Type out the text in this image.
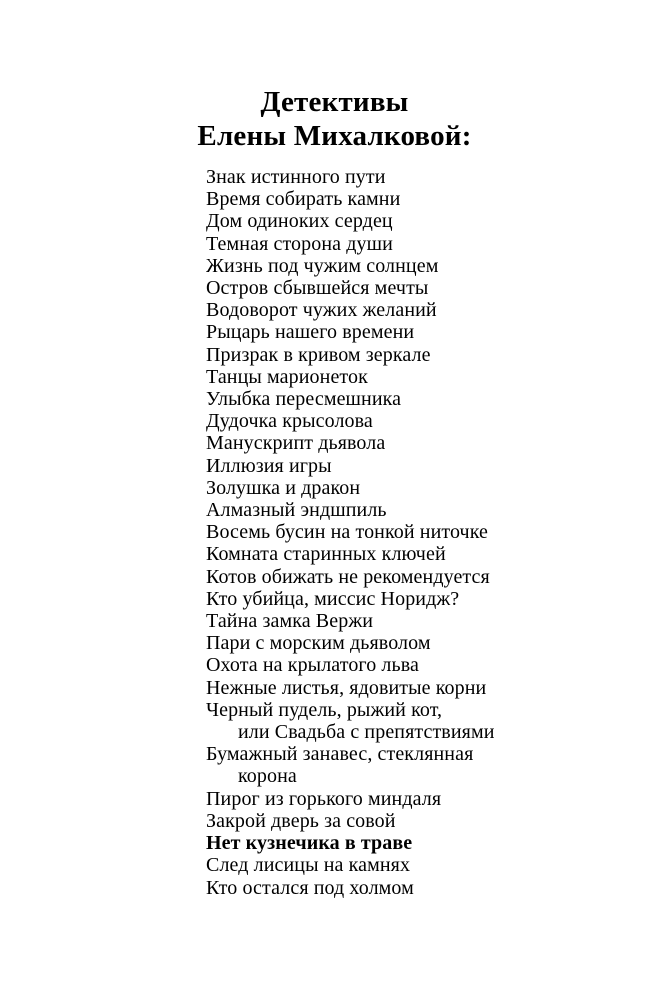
Детективы
Елены Михалковой:
Знак истинного пути
Время собирать камни
Дом одиноких сердец
Темная сторона души
Жизнь под чужим солнцем
Остров сбывшейся мечты
Водоворот чужих желаний
Рыцарь нашего времени
Призрак в кривом зеркале
Танцы марионеток
Улыбка пересмешника
Дудочка крысолова
Манускрипт дьявола
Иллюзия игры
Золушка и дракон
Алмазный эндшпиль
Восемь бусин на тонкой ниточке
Комната старинных ключей
Котов обижать не рекомендуется
Кто убийца, миссис Норидж?
Тайна замка Вержи
Пари с морским дьяволом
Охота на крылатого льва
Нежные листья, ядовитые корни
Черный пудель, рыжий кот,
или Свадьба с препятствиями
Бумажный занавес, стеклянная
корона
Пирог из горького миндаля
Закрой дверь за совой
Нет кузнечика в траве
След лисицы на камнях
Кто остался под холмом
